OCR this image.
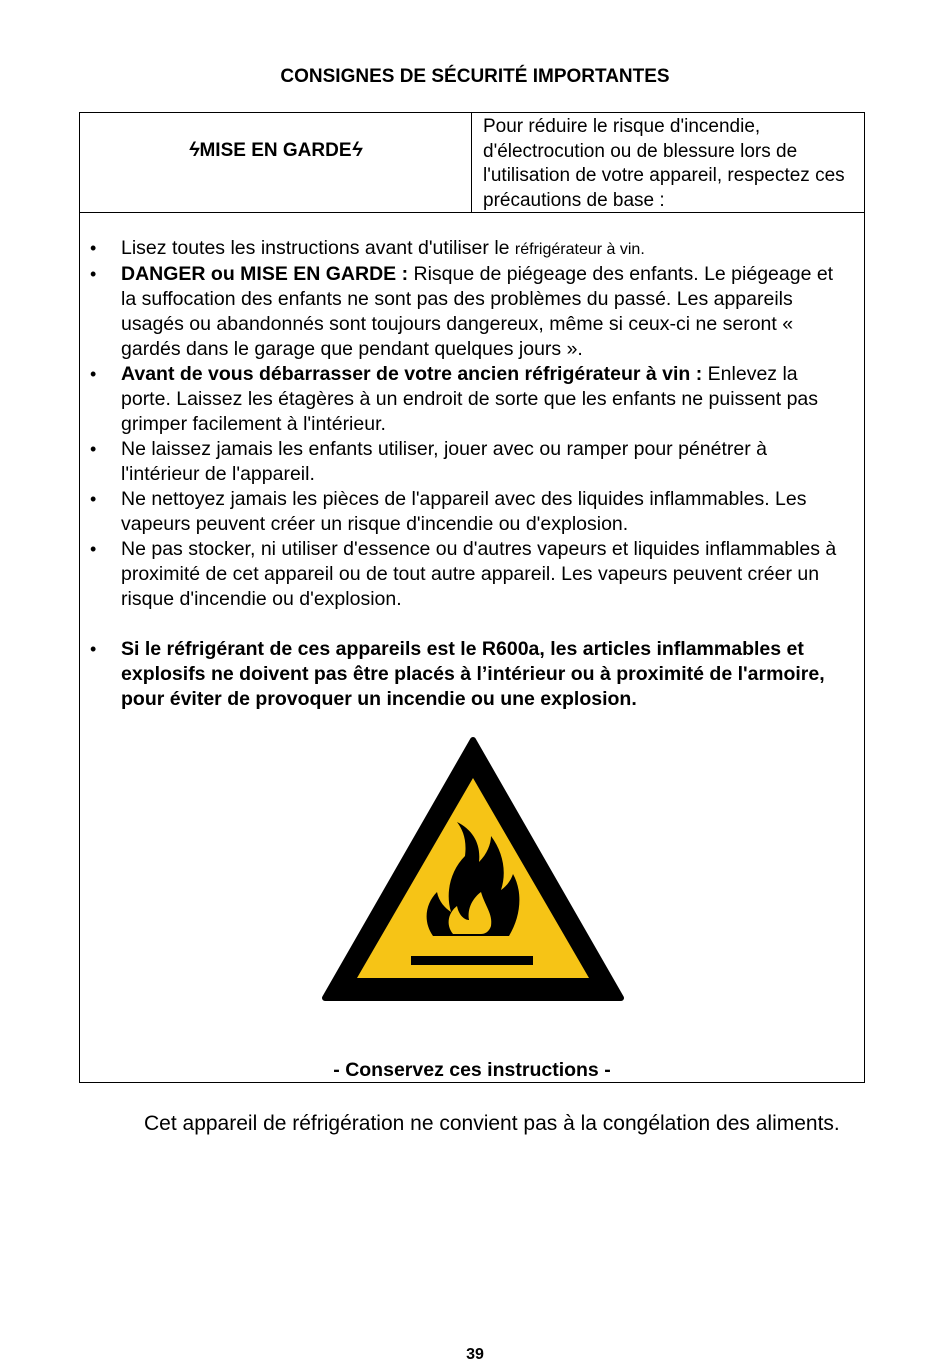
CONSIGNES DE SÉCURITÉ IMPORTANTES
ϟ
MISE EN GARDE
ϟ
Pour réduire le risque d'incendie, d'électrocution ou de blessure lors de l'utilisation de votre appareil, respectez ces précautions de base :
• Lisez toutes les instructions avant d'utiliser le réfrigérateur à vin.
• DANGER ou MISE EN GARDE : Risque de piégeage des enfants. Le piégeage et la suffocation des enfants ne sont pas des problèmes du passé. Les appareils usagés ou abandonnés sont toujours dangereux, même si ceux-ci ne seront « gardés dans le garage que pendant quelques jours ».
• Avant de vous débarrasser de votre ancien réfrigérateur à vin : Enlevez la porte. Laissez les étagères à un endroit de sorte que les enfants ne puissent pas grimper facilement à l'intérieur.
• Ne laissez jamais les enfants utiliser, jouer avec ou ramper pour pénétrer à l'intérieur de l'appareil.
• Ne nettoyez jamais les pièces de l'appareil avec des liquides inflammables. Les vapeurs peuvent créer un risque d'incendie ou d'explosion.
• Ne pas stocker, ni utiliser d'essence ou d'autres vapeurs et liquides inflammables à proximité de cet appareil ou de tout autre appareil. Les vapeurs peuvent créer un risque d'incendie ou d'explosion.
• Si le réfrigérant de ces appareils est le R600a, les articles inflammables et explosifs ne doivent pas être placés à l’intérieur ou à proximité de l'armoire, pour éviter de provoquer un incendie ou une explosion.
- Conservez ces instructions -
Cet appareil de réfrigération ne convient pas à la congélation des aliments.
39
